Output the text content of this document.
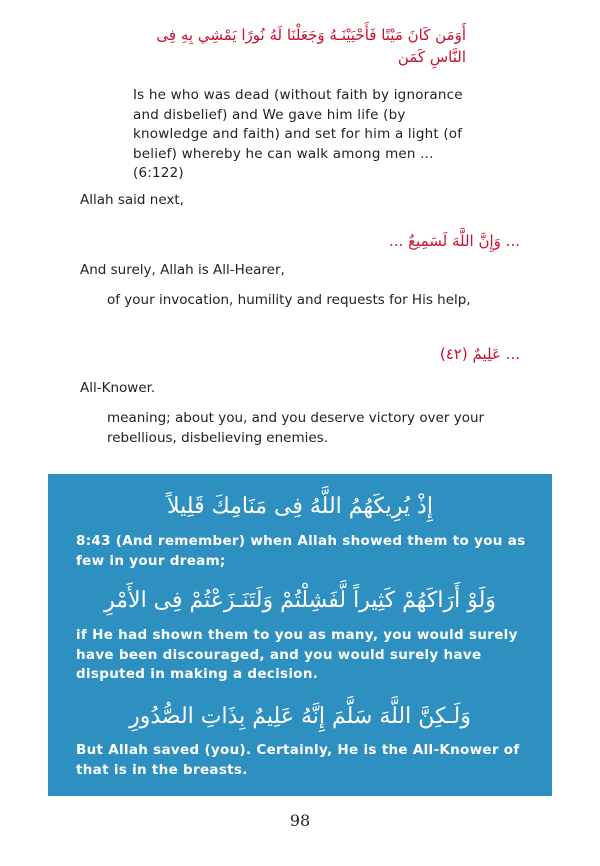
أَوَمَن كَانَ مَيْتًا فَأَحْيَيْنَـهُ وَجَعَلْنَا لَهُ نُورًا يَمْشِي بِهِ فِى النَّاسِ كَمَن
Is he who was dead (without faith by ignorance and disbelief) and We gave him life (by knowledge and faith) and set for him a light (of belief) whereby he can walk among men ... (6:122)
Allah said next,
... وَإِنَّ اللَّهَ لَسَمِيعٌ ...
And surely, Allah is All-Hearer,
of your invocation, humility and requests for His help,
... عَلِيمٌ (٤٢)
All-Knower.
meaning; about you, and you deserve victory over your rebellious, disbelieving enemies.
إِذْ يُرِيكَهُمُ اللَّهُ فِى مَنَامِكَ قَلِيلاً
8:43 (And remember) when Allah showed them to you as few in your dream;
وَلَوْ أَرَاكَهُمْ كَثِيراً لَّفَشِلْتُمْ وَلَتَنَـزَعْتُمْ فِى الأَمْرِ
if He had shown them to you as many, you would surely have been discouraged, and you would surely have disputed in making a decision.
وَلَـكِنَّ اللَّهَ سَلَّمَ إِنَّهُ عَلِيمٌ بِذَاتِ الصُّدُورِ
But Allah saved (you). Certainly, He is the All-Knower of that is in the breasts.
98
